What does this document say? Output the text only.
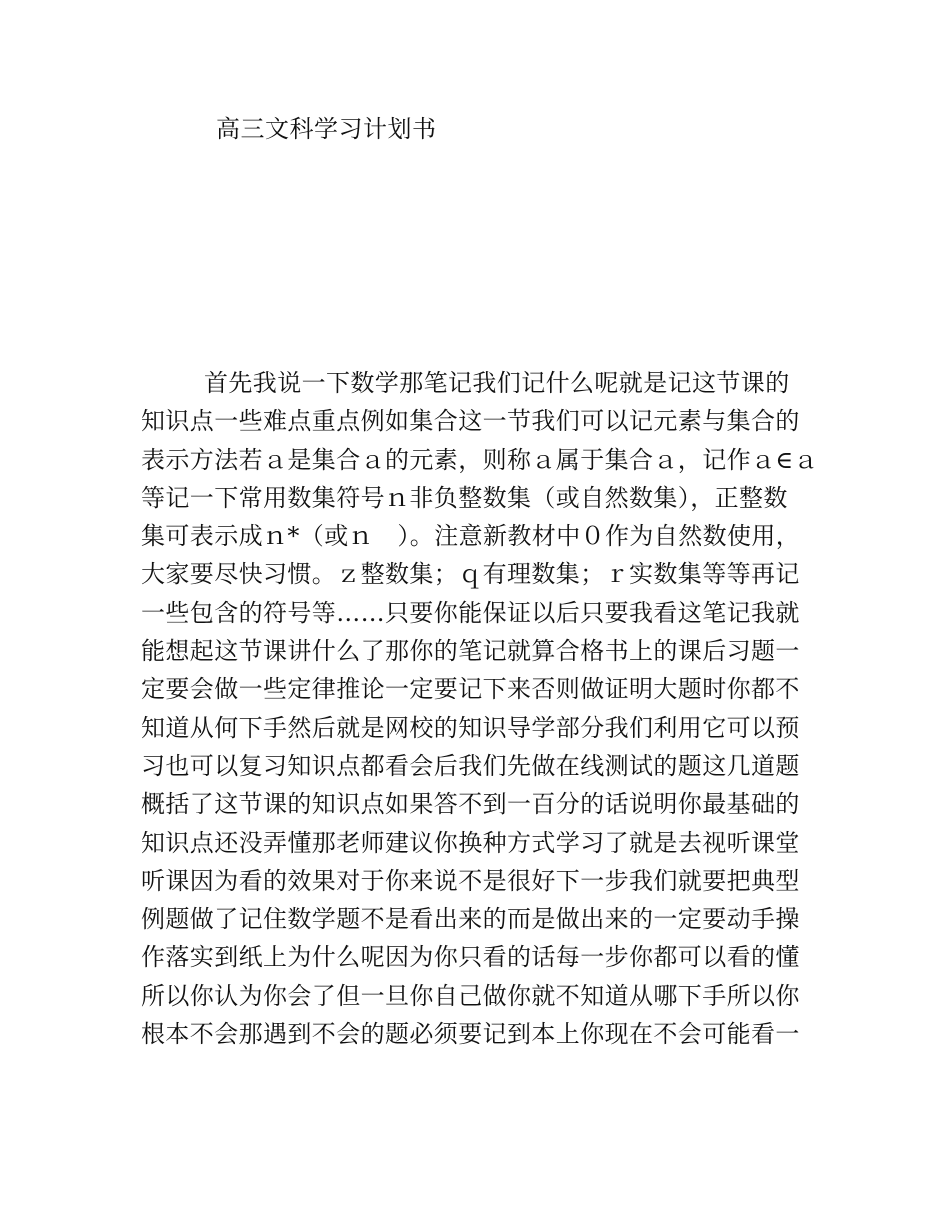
高三文科学习计划书
首先我说一下数学那笔记我们记什么呢就是记这节课的
知识点一些难点重点例如集合这一节我们可以记元素与集合的
表示方法若ａ是集合ａ的元素，则称ａ属于集合ａ，记作ａ∈ａ
等记一下常用数集符号ｎ非负整数集（或自然数集），正整数
集可表示成ｎ*（或ｎ　）。注意新教材中０作为自然数使用，
大家要尽快习惯。ｚ整数集；ｑ有理数集；ｒ实数集等等再记
一些包含的符号等……只要你能保证以后只要我看这笔记我就
能想起这节课讲什么了那你的笔记就算合格书上的课后习题一
定要会做一些定律推论一定要记下来否则做证明大题时你都不
知道从何下手然后就是网校的知识导学部分我们利用它可以预
习也可以复习知识点都看会后我们先做在线测试的题这几道题
概括了这节课的知识点如果答不到一百分的话说明你最基础的
知识点还没弄懂那老师建议你换种方式学习了就是去视听课堂
听课因为看的效果对于你来说不是很好下一步我们就要把典型
例题做了记住数学题不是看出来的而是做出来的一定要动手操
作落实到纸上为什么呢因为你只看的话每一步你都可以看的懂
所以你认为你会了但一旦你自己做你就不知道从哪下手所以你
根本不会那遇到不会的题必须要记到本上你现在不会可能看一
